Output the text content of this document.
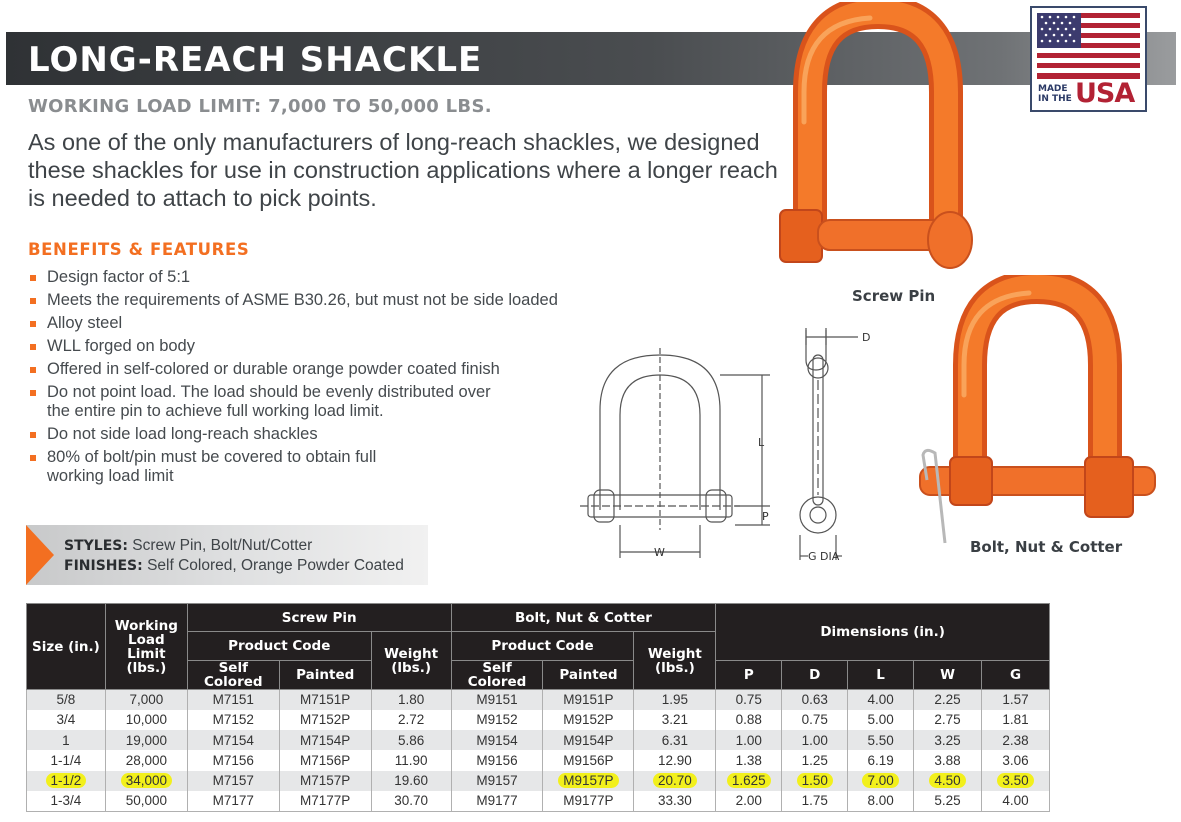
LONG-REACH SHACKLE
WORKING LOAD LIMIT: 7,000 TO 50,000 LBS.

As one of the only manufacturers of long-reach shackles, we designed these shackles for use in construction applications where a longer reach is needed to attach to pick points.

BENEFITS & FEATURES
Design factor of 5:1
Meets the requirements of ASME B30.26, but must not be side loaded
Alloy steel
WLL forged on body
Offered in self-colored or durable orange powder coated finish
Do not point load. The load should be evenly distributed over the entire pin to achieve full working load limit.
Do not side load long-reach shackles
80% of bolt/pin must be covered to obtain full working load limit
STYLES: Screw Pin, Bolt/Nut/Cotter
FINISHES: Self Colored, Orange Powder Coated
MADE
IN THE USA
Screw Pin
Bolt, Nut & Cotter
D
L
P
W	G DIA
Size (in.)	Working Load Limit (lbs.)	Screw Pin			Bolt, Nut & Cotter			Dimensions (in.)				
		Product Code		Weight (lbs.)	Product Code		Weight (lbs.)					
		Self Colored	Painted		Self Colored	Painted		P	D	L	W	G
5/8	7,000	M7151	M7151P	1.80	M9151	M9151P	1.95	0.75	0.63	4.00	2.25	1.57
3/4	10,000	M7152	M7152P	2.72	M9152	M9152P	3.21	0.88	0.75	5.00	2.75	1.81
1	19,000	M7154	M7154P	5.86	M9154	M9154P	6.31	1.00	1.00	5.50	3.25	2.38
1-1/4	28,000	M7156	M7156P	11.90	M9156	M9156P	12.90	1.38	1.25	6.19	3.88	3.06
1-1/2	34,000	M7157	M7157P	19.60	M9157	M9157P	20.70	1.625	1.50	7.00	4.50	3.50
1-3/4	50,000	M7177	M7177P	30.70	M9177	M9177P	33.30	2.00	1.75	8.00	5.25	4.00
